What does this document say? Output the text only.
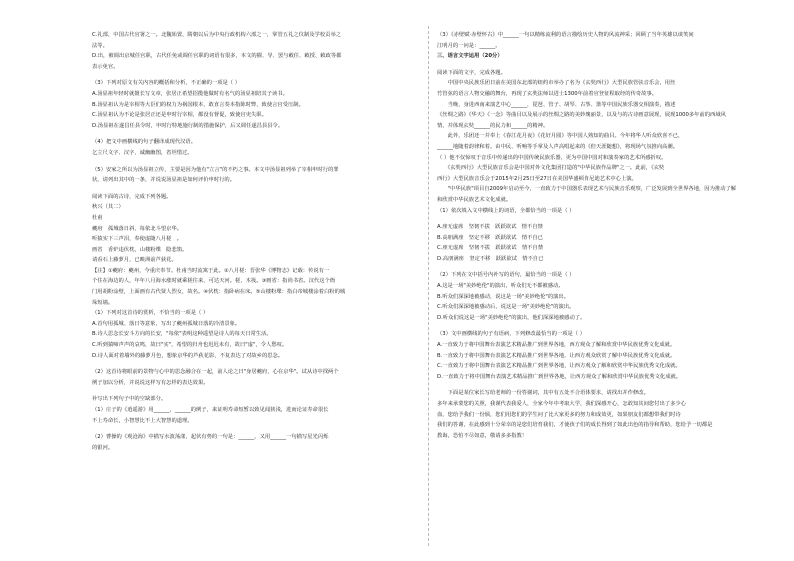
C.礼部，中国古代官署之一。北魏始置，隋朝以后为中央行政机构六部之一，掌管五礼之仪制及学校贡举之
法等。
D.出，被调出京城任官职，古代任免或调任官职的词语有很多，本文的擢、导、罢与敕任、敕授、敕政等都
表示免官。
（3）下列对原文有关内容的概括和分析，不正确的一项是（ ）
A.汤显祖年轻时就擅长写文章，张居正希望招揽他做时有名气的汤显祖陪其子读书。
B.汤显祖认为是宰相等大臣们的权力为祸国根本，敢直言奏本指陈时弊，致使言官受压制。
C.汤显祖认为不论是张居正还是申时行宰相，都没有督促，致使官吏失职。
D.汤显祖在遂昌任县令时，申时行特地施行制的措施保护，后又调任遂昌县县令。
（4）把文中画横线的句子翻译成现代汉语。
乞立尺文字、汉字，诚幽幽图，省坦惜过。
（5）安家之所以为汤显祖立传，主要是因为他有"立言"的不朽之事。本文中汤显祖列举了宰相申时行的罪
状，请列出其中的一条，并说说汤显祖是如何评价申时行的。
阅读下面的古诗，完成下列各题。
秋兴（其二）
杜甫
夔府　孤城落日斜，每依北斗望京华。
听猿实下三声泪，奉使虚随八月槎　。
画省　香炉违伏枕，山楼粉堞　隐悲笳。
请看石上藤萝月，已映洲前芦荻花。
【注】①夔府：夔州，今重庆奉节。杜甫当时流寓于此。②八月槎：晋张华《博物志》记载：传说有一
个住在海边的人，年年八月海水涨时就乘槎往来，可达天河。槎，木筏。③画省：指尚书省。汉代这个衙
门用胡粉涂壁，上面画有古代贤人烈女，故名。④伏枕：指卧病在床。⑤山楼粉堞：指白帝城楼涂着白粉的城
垛短墙。
（1）下列对这首诗的赏析，不恰当的一项是（ ）
A.首句用孤城、落日等意象，写出了夔州孤城日落的冷清景象。
B.诗人思念长安斗方向的长安，"每依"表明这种遥望是诗人的每天日常生活。
C.听到猿啼声声的哀鸣，故曰"实"，希望的归舟也迟迟未有，故曰"虚"，令人愁叹。
D.诗人面对着墙外的藤萝月色，想象京华的芦荻花影，不复表达了对故乡的思念。
（2）这首诗将眼前的景物与心中的思念融合在一起，前人论之曰"身居夔府，心在京华"。试从诗中找两个
例子加以分析，并说说这样写有怎样的表达效果。
补写出下列句子中的空缺部分。
（1）庄子的《逍遥游》用______，______的例子，来证明寿命短暂以致见闻狭浅，进而论证寿命很长
不上寿命长，小智慧比不上大智慧的道理。
（2）曹操的《观沧海》中描写水波荡漾，起伏有势的一句是：______，又用______一句描写星光闪烁
的银河。
（3）《赤壁赋·赤壁怀古》中______一句以精练流利的语言描绘历史人物的风流神采；回顾了当年英雄以谈笑间
江明月的一问是：______。
三、语言文字运用（20分）
阅读下面的文字，完成各题。
　　中国中央民族乐团日前在美国东北部的纽约市举办了名为《玄奘西行》大型民族管弦音乐会，用丝
竹管弦的语言人物交融的舞台，再现了玄奘法师以进士1300年前着官登征程取经的传奇故事。
　　当晚，身进西南来演艺中心______，琵琶、管子、胡琴、古筝、箫等中国民族乐器交相演奏，描述
《丝绸之路》《华天》《一念》等曲目以及展示的丝绸之路的美妙瑰丽景，以及与的古诗画意展现，展现1000多年前的西域风
情，并体现玄奘______的民力和______的精神。
　　此外，乐团还一并奉上《春江花月夜》《花好月圆》等中国人熟知的曲目。今年将华人听众欣喜不已，
______地随着韵律和着。由中民、听响等手掌及人声高唱起来的《但天涯随想》，将现场气氛推向高潮。
（ ）他不仅惊叹于音乐中传递出的中国传统民族乐器，更为中国中国对和演奏家的艺术所感折叹。
　　《玄奘西行》大型民族音乐会是中国对外文化集团打造的"中华民族作品牌"之一。此前，《玄奘
西行》大型民族音乐会于2015年2月25日至27日在美国华盛顿肯尼迪艺术中心上演。
　　"中华民族"项目自2009年启动至今，一直致力于中国器乐表现艺术与民族音乐观察，广泛发展到全世界各地，因为推动了解
和欣赏中华民族艺术文化成就。
（1）依次填入文中横线上的词语，全都恰当的一项是（ ）
A.座无虚席　坚韧不拔　跃跃欲试　情不自禁
B.高朋满座　坚定不移　跃跃欲试　情不自已
C.座无虚席　坚韧不拔　跃跃欲试　情不自禁
D.高朋满座　坚定不移　跃跃欲试　情不自已
（2）下列在文中括号内补写的语句，最恰当的一项是（ ）
A.这是一场"美妙绝伦"的演出，听众们无不都被感动。
B.听众们深深地被感动，说这是一场"美妙绝伦"的演出。
C.听众们深深地被感动后，说这是一场"美妙绝伦"的演出。
D.听众们说这是一场"美妙绝伦"的演出，他们深深地被感动了。
（3）文中画横线的句子有语病，下列修改最恰当的一项是（ ）
A.一直致力于将中国舞台表演艺术精品推广到世界各地，西方观众了解和欣赏中华民族优秀文化成就。
B.一直致力于将中国舞台表演艺术精品推广到世界各地，让西方观众欣赏了解中华民族优秀文化成就。
C.一直致力于将中国舞台表演艺术精品推广到世界各地，让西方观众了解和欣赏中华民族优秀文化成就。
D.一直致力于将中国舞台表演艺术精品推广到世界各地，让西方观众了解和欣赏中华民族优秀文化成就。
　　下面是某位家长写给老师的一份答谢词，其中有五处不合语体要求，请找出并作修改。
多年来承蒙您的关照，我谨代表我爱人，全家今年中考取大学，我们深感开心，怎敢知其间您付出了多少心
血，您给予我们一份颁，您们用您们的学生问了比大家更多的努力和成效更，如果朋友们都想带我们时诗
我们的答谢，在此感到十分荣幸的是您们培育我们，才使孩子们的成长得到了如此出色的指导和帮助，您给予一切都是
教诲，恐怕不尽如意，敬请多多指教！
